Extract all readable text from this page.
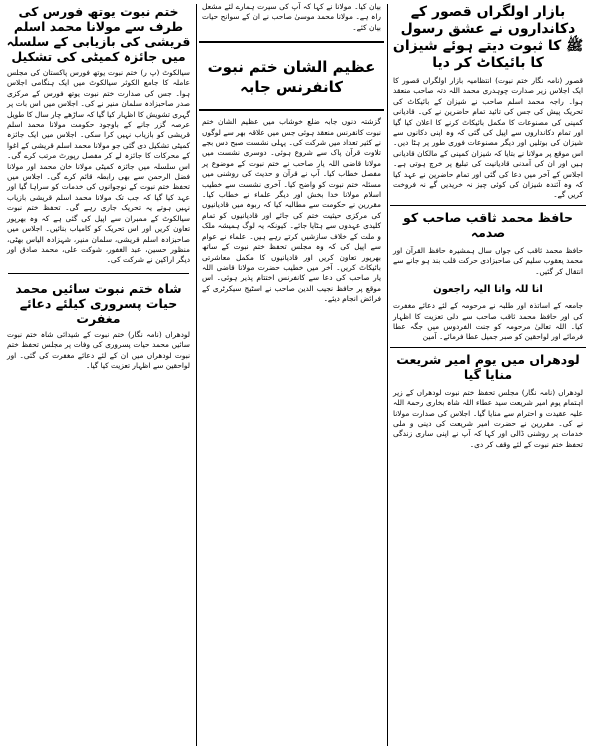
بازار اولگراں قصور کے دکانداروں نے عشق رسول ﷺ کا ثبوت دیتے ہوئے شیزان کا بائیکاٹ کر دیا

قصور (نامہ نگار ختم نبوت) انتظامیہ بازار اولگراں قصور کا ایک اجلاس زیر صدارت چوہدری محمد اللہ دتہ صاحب منعقد ہوا۔ راجہ محمد اسلم صاحب نے شیزان کے بائیکاٹ کی تحریک پیش کی جس کی تائید تمام حاضرین نے کی۔ قادیانی کمپنی کی مصنوعات کا مکمل بائیکاٹ کرنے کا اعلان کیا گیا اور تمام دکانداروں سے اپیل کی گئی کہ وہ اپنی دکانوں سے شیزان کی بوتلیں اور دیگر مصنوعات فوری طور پر ہٹا دیں۔ اس موقع پر مولانا نے بتایا کہ شیزان کمپنی کے مالکان قادیانی ہیں اور ان کی آمدنی قادیانیت کی تبلیغ پر خرچ ہوتی ہے۔ اجلاس کے آخر میں دعا کی گئی اور تمام حاضرین نے عہد کیا کہ وہ آئندہ شیزان کی کوئی چیز نہ خریدیں گے نہ فروخت کریں گے۔

حافظ محمد ثاقب صاحب کو صدمہ

حافظ محمد ثاقب کی جواں سال ہمشیرہ حافظ القرآن اور محمد یعقوب سلیم کی صاحبزادی حرکت قلب بند ہو جانے سے انتقال کر گئیں۔

انا للہ وانا الیہ راجعون

جامعہ کے اساتذہ اور طلبہ نے مرحومہ کے لئے دعائے مغفرت کی اور حافظ محمد ثاقب صاحب سے دلی تعزیت کا اظہار کیا۔ اللہ تعالیٰ مرحومہ کو جنت الفردوس میں جگہ عطا فرمائے اور لواحقین کو صبر جمیل عطا فرمائے۔ آمین

لودھراں میں یوم امیر شریعت منایا گیا

لودھراں (نامہ نگار) مجلس تحفظ ختم نبوت لودھراں کے زیر اہتمام یوم امیر شریعت سید عطاء اللہ شاہ بخاری رحمۃ اللہ علیہ عقیدت و احترام سے منایا گیا۔ اجلاس کی صدارت مولانا نے کی۔ مقررین نے حضرت امیر شریعت کی دینی و ملی خدمات پر روشنی ڈالی اور کہا کہ آپ نے اپنی ساری زندگی تحفظ ختم نبوت کے لئے وقف کر دی۔

بیان کیا۔ مولانا نے کہا کہ آپ کی سیرت ہمارے لئے مشعل راہ ہے۔ مولانا محمد موسیٰ صاحب نے ان کے سوانح حیات بیان کئے۔

عظیم الشان ختم نبوت کانفرنس جابہ

گزشتہ دنوں جابہ ضلع خوشاب میں عظیم الشان ختم نبوت کانفرنس منعقد ہوئی جس میں علاقہ بھر سے لوگوں نے کثیر تعداد میں شرکت کی۔ پہلی نشست صبح دس بجے تلاوت قرآن پاک سے شروع ہوئی۔ دوسری نشست میں مولانا قاضی اللہ یار صاحب نے ختم نبوت کے موضوع پر مفصل خطاب کیا۔ آپ نے قرآن و حدیث کی روشنی میں مسئلہ ختم نبوت کو واضح کیا۔ آخری نشست سے خطیب اسلام مولانا خدا بخش اور دیگر علماء نے خطاب کیا۔ مقررین نے حکومت سے مطالبہ کیا کہ ربوہ میں قادیانیوں کی مرکزی حیثیت ختم کی جائے اور قادیانیوں کو تمام کلیدی عہدوں سے ہٹایا جائے۔ کیونکہ یہ لوگ ہمیشہ ملک و ملت کے خلاف سازشیں کرتے رہے ہیں۔ علماء نے عوام سے اپیل کی کہ وہ مجلس تحفظ ختم نبوت کے ساتھ بھرپور تعاون کریں اور قادیانیوں کا مکمل معاشرتی بائیکاٹ کریں۔ آخر میں خطیب حضرت مولانا قاضی اللہ یار صاحب کی دعا سے کانفرنس اختتام پذیر ہوئی۔ اس موقع پر حافظ نجیب الدین صاحب نے اسٹیج سیکرٹری کے فرائض انجام دیئے۔

ختم نبوت یوتھ فورس کی طرف سے مولانا محمد اسلم قریشی کی بازیابی کے سلسلہ میں جائزہ کمیٹی کی تشکیل

سیالکوٹ (پ ر) ختم نبوت یوتھ فورس پاکستان کی مجلس عاملہ کا جامع الکوثر سیالکوٹ میں ایک ہنگامی اجلاس ہوا۔ جس کی صدارت ختم نبوت یوتھ فورس کے مرکزی صدر صاحبزادہ سلمان منیر نے کی۔ اجلاس میں اس بات پر گہری تشویش کا اظہار کیا گیا کہ ساڑھے چار سال کا طویل عرصہ گزر جانے کے باوجود حکومت مولانا محمد اسلم قریشی کو بازیاب نہیں کرا سکی۔ اجلاس میں ایک جائزہ کمیٹی تشکیل دی گئی جو مولانا محمد اسلم قریشی کے اغوا کے محرکات کا جائزہ لے کر مفصل رپورٹ مرتب کرے گی۔ اس سلسلہ میں جائزہ کمیٹی مولانا خان محمد اور مولانا فضل الرحمن سے بھی رابطہ قائم کرے گی۔ اجلاس میں تحفظ ختم نبوت کے نوجوانوں کی خدمات کو سراہا گیا اور عہد کیا گیا کہ جب تک مولانا محمد اسلم قریشی بازیاب نہیں ہوتے یہ تحریک جاری رہے گی۔ تحفظ ختم نبوت سیالکوٹ کے ممبران سے اپیل کی گئی ہے کہ وہ بھرپور تعاون کریں اور اس تحریک کو کامیاب بنائیں۔ اجلاس میں صاحبزادہ اسلم قریشی، سلمان منیر، شہزادہ الیاس بھٹی، منظور حسین، عبد الغفور، شوکت علی، محمد صادق اور دیگر اراکین نے شرکت کی۔

شاہ ختم نبوت سائیں محمد حیات پسروری کیلئے دعائے مغفرت

لودھراں (نامہ نگار) ختم نبوت کے شیدائی شاہ ختم نبوت سائیں محمد حیات پسروری کی وفات پر مجلس تحفظ ختم نبوت لودھراں میں ان کے لئے دعائے مغفرت کی گئی۔ اور لواحقین سے اظہار تعزیت کیا گیا۔
